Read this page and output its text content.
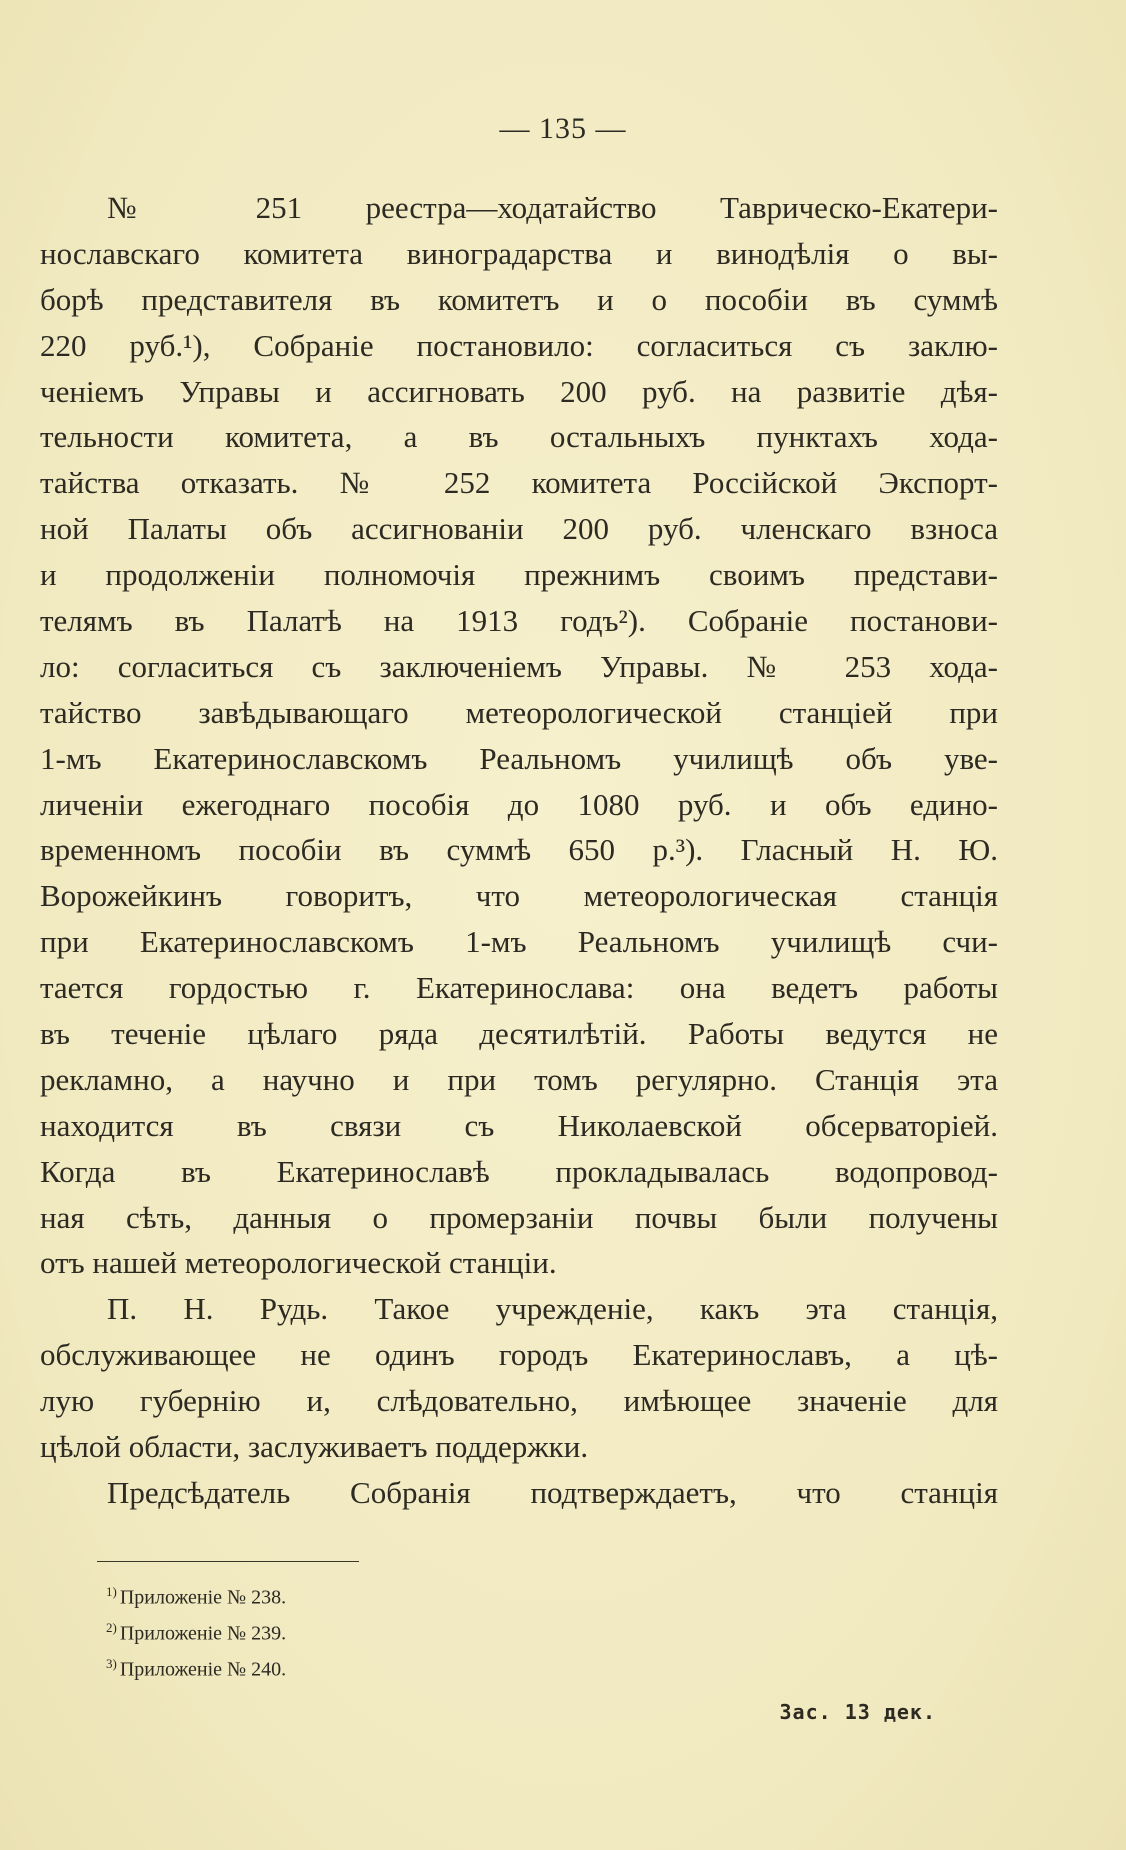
— 135 —
№ 251 реестра—ходатайство Таврическо-Екатери-
нославскаго комитета виноградарства и винодѣлія о вы-
борѣ представителя въ комитетъ и о пособіи въ суммѣ
220 руб.¹), Собраніе постановило: согласиться съ заклю-
ченіемъ Управы и ассигновать 200 руб. на развитіе дѣя-
тельности комитета, а въ остальныхъ пунктахъ хода-
тайства отказать. № 252 комитета Россійской Экспорт-
ной Палаты объ ассигнованіи 200 руб. членскаго взноса
и продолженіи полномочія прежнимъ своимъ представи-
телямъ въ Палатѣ на 1913 годъ²). Собраніе постанови-
ло: согласиться съ заключеніемъ Управы. № 253 хода-
тайство завѣдывающаго метеорологической станціей при
1-мъ Екатеринославскомъ Реальномъ училищѣ объ уве-
личеніи ежегоднаго пособія до 1080 руб. и объ едино-
временномъ пособіи въ суммѣ 650 р.³). Гласный Н. Ю.
Ворожейкинъ говоритъ, что метеорологическая станція
при Екатеринославскомъ 1-мъ Реальномъ училищѣ счи-
тается гордостью г. Екатеринослава: она ведетъ работы
въ теченіе цѣлаго ряда десятилѣтій. Работы ведутся не
рекламно, а научно и при томъ регулярно. Станція эта
находится въ связи съ Николаевской обсерваторіей.
Когда въ Екатеринославѣ прокладывалась водопровод-
ная сѣть, данныя о промерзаніи почвы были получены
отъ нашей метеорологической станціи.
П. Н. Рудь. Такое учрежденіе, какъ эта станція,
обслуживающее не одинъ городъ Екатеринославъ, а цѣ-
лую губернію и, слѣдовательно, имѣющее значеніе для
цѣлой области, заслуживаетъ поддержки.
Предсѣдатель Собранія подтверждаетъ, что станція
$^{1)}$ Приложеніе № 238.
$^{2)}$ Приложеніе № 239.
$^{3)}$ Приложеніе № 240.
Зас. 13 дек.
